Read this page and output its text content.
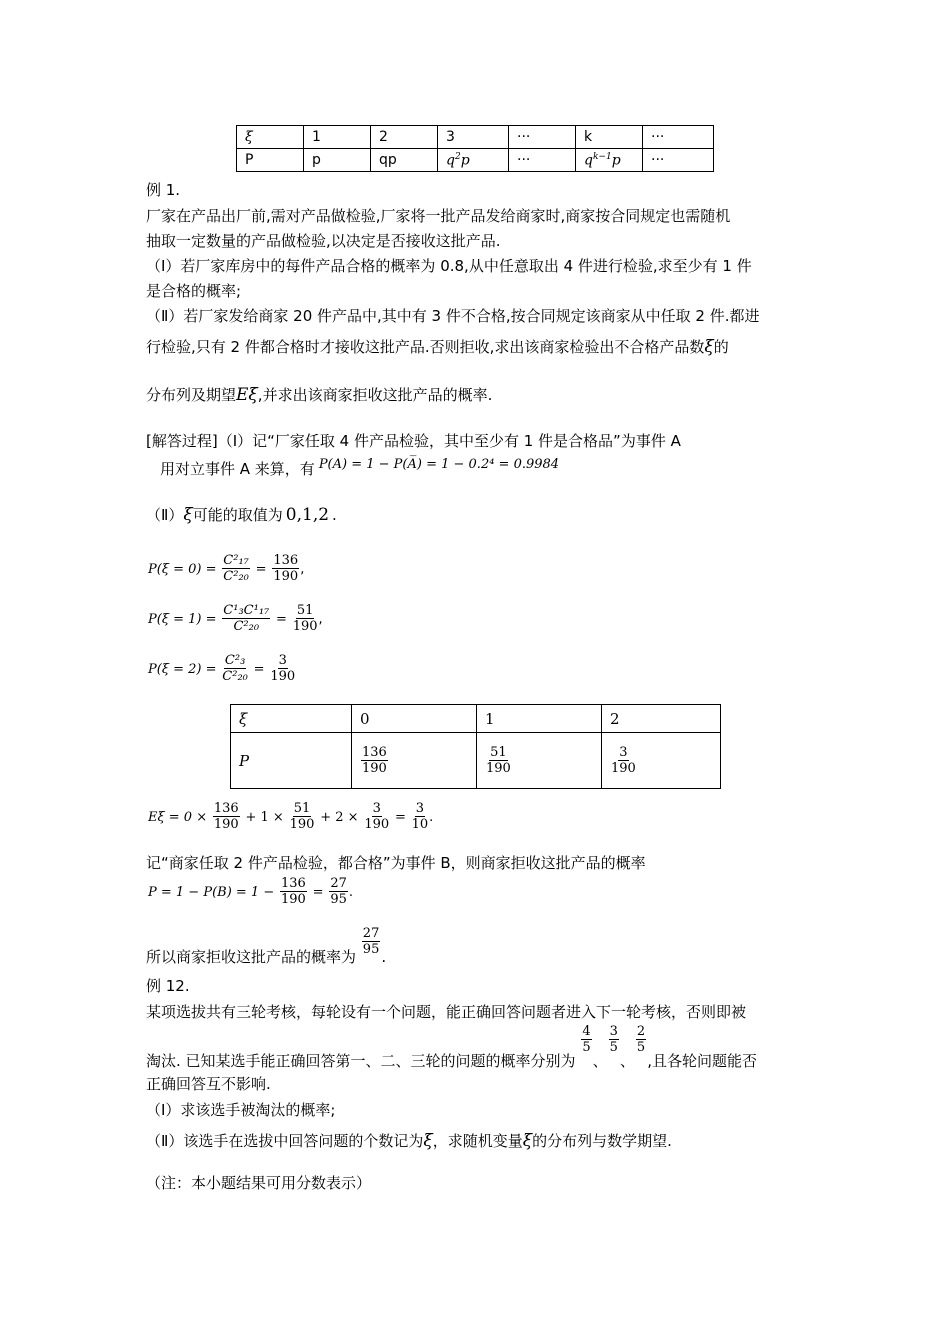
ξ	1	2	3	···	k	···
P	p	qp	$q^2p$	···	$q^{k-1}p$	···
例 1.
厂家在产品出厂前,需对产品做检验,厂家将一批产品发给商家时,商家按合同规定也需随机
抽取一定数量的产品做检验,以决定是否接收这批产品.
（Ⅰ）若厂家库房中的每件产品合格的概率为 0.8,从中任意取出 4 件进行检验,求至少有 1 件
是合格的概率;
（Ⅱ）若厂家发给商家 20 件产品中,其中有 3 件不合格,按合同规定该商家从中任取 2 件.都进
行检验,只有 2 件都合格时才接收这批产品.否则拒收,求出该商家检验出不合格产品数ξ的
分布列及期望Eξ,并求出该商家拒收这批产品的概率.
[解答过程]（Ⅰ）记“厂家任取 4 件产品检验，其中至少有 1 件是合格品”为事件 A
用对立事件 A 来算，有 P(A) = 1 − P(A̅) = 1 − 0.2⁴ = 0.9984
（Ⅱ）ξ可能的取值为 0,1,2 .
$P(\xi = 0) = \frac{\text{C²₁₇}}{\text{C²₂₀}} = \frac{136}{190}$ ,
$P(\xi = 1) = \frac{\text{C¹₃C¹₁₇}}{\text{C²₂₀}} = \frac{51}{190}$ ,
$P(\xi = 2) = \frac{\text{C²₃}}{\text{C²₂₀}} = \frac{3}{190}$
ξ	0	1	2
P	$\frac{136}{190}$	$\frac{51}{190}$	$\frac{3}{190}$
$E\xi = 0 \times \frac{136}{190} + 1 \times \frac{51}{190} + 2 \times \frac{3}{190} = \frac{3}{10}$ .
记“商家任取 2 件产品检验，都合格”为事件 B，则商家拒收这批产品的概率
$P = 1 - P(B) = 1 - \frac{136}{190} = \frac{27}{95}$ .
所以商家拒收这批产品的概率为 $\frac{27}{95}$ .
例 12.
某项选拔共有三轮考核，每轮设有一个问题，能正确回答问题者进入下一轮考核，否则即被
淘汰. 已知某选手能正确回答第一、二、三轮的问题的概率分别为
$\frac{4}{5}$
、
$\frac{3}{5}$
、
$\frac{2}{5}$
,且各轮问题能否
正确回答互不影响.
（Ⅰ）求该选手被淘汰的概率;
（Ⅱ）该选手在选拔中回答问题的个数记为ξ，求随机变量ξ的分布列与数学期望.
（注：本小题结果可用分数表示）
